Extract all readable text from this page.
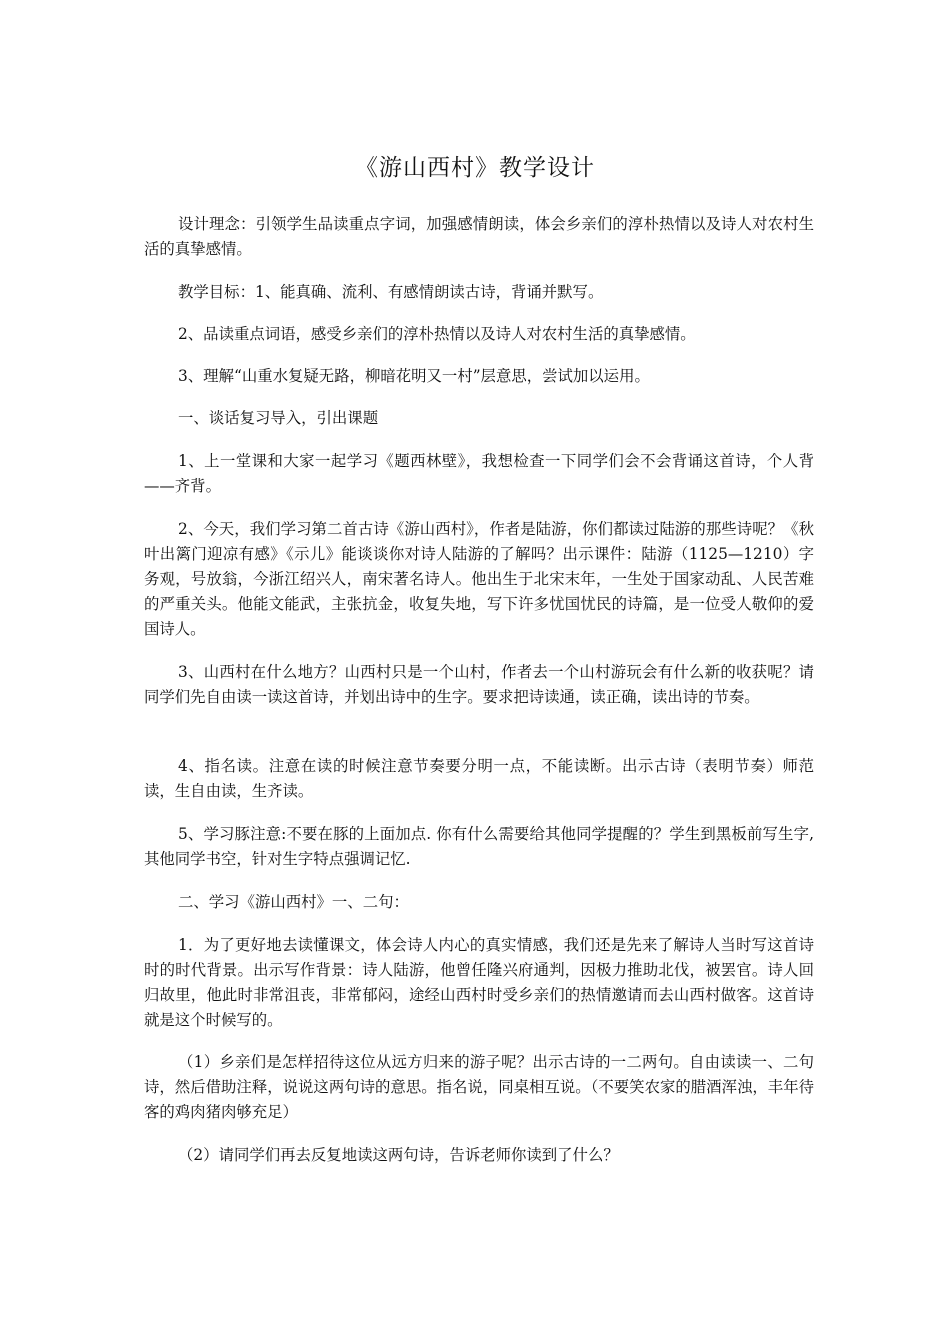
《游山西村》教学设计

设计理念：引领学生品读重点字词，加强感情朗读，体会乡亲们的淳朴热情以及诗人对农村生活的真挚感情。

教学目标：1、能真确、流利、有感情朗读古诗，背诵并默写。

2、品读重点词语，感受乡亲们的淳朴热情以及诗人对农村生活的真挚感情。

3、理解“山重水复疑无路，柳暗花明又一村”层意思，尝试加以运用。

一、谈话复习导入，引出课题

1、上一堂课和大家一起学习《题西林壁》，我想检查一下同学们会不会背诵这首诗，个人背——齐背。

2、今天，我们学习第二首古诗《游山西村》，作者是陆游，你们都读过陆游的那些诗呢？《秋叶出篱门迎凉有感》《示儿》能谈谈你对诗人陆游的了解吗？出示课件：陆游（1125—1210）字务观，号放翁，今浙江绍兴人，南宋著名诗人。他出生于北宋末年，一生处于国家动乱、人民苦难的严重关头。他能文能武，主张抗金，收复失地，写下许多忧国忧民的诗篇，是一位受人敬仰的爱国诗人。

3、山西村在什么地方？山西村只是一个山村，作者去一个山村游玩会有什么新的收获呢？请同学们先自由读一读这首诗，并划出诗中的生字。要求把诗读通，读正确，读出诗的节奏。

4、指名读。注意在读的时候注意节奏要分明一点，不能读断。出示古诗（表明节奏）师范读，生自由读，生齐读。

5、学习豚注意:不要在豚的上面加点. 你有什么需要给其他同学提醒的？学生到黑板前写生字,其他同学书空，针对生字特点强调记忆.

二、学习《游山西村》一、二句：

1．为了更好地去读懂课文，体会诗人内心的真实情感，我们还是先来了解诗人当时写这首诗时的时代背景。出示写作背景：诗人陆游，他曾任隆兴府通判，因极力推助北伐，被罢官。诗人回归故里，他此时非常沮丧，非常郁闷，途经山西村时受乡亲们的热情邀请而去山西村做客。这首诗就是这个时候写的。

（1）乡亲们是怎样招待这位从远方归来的游子呢？出示古诗的一二两句。自由读读一、二句诗，然后借助注释，说说这两句诗的意思。指名说，同桌相互说。（不要笑农家的腊酒浑浊，丰年待客的鸡肉猪肉够充足）

（2）请同学们再去反复地读这两句诗，告诉老师你读到了什么？
